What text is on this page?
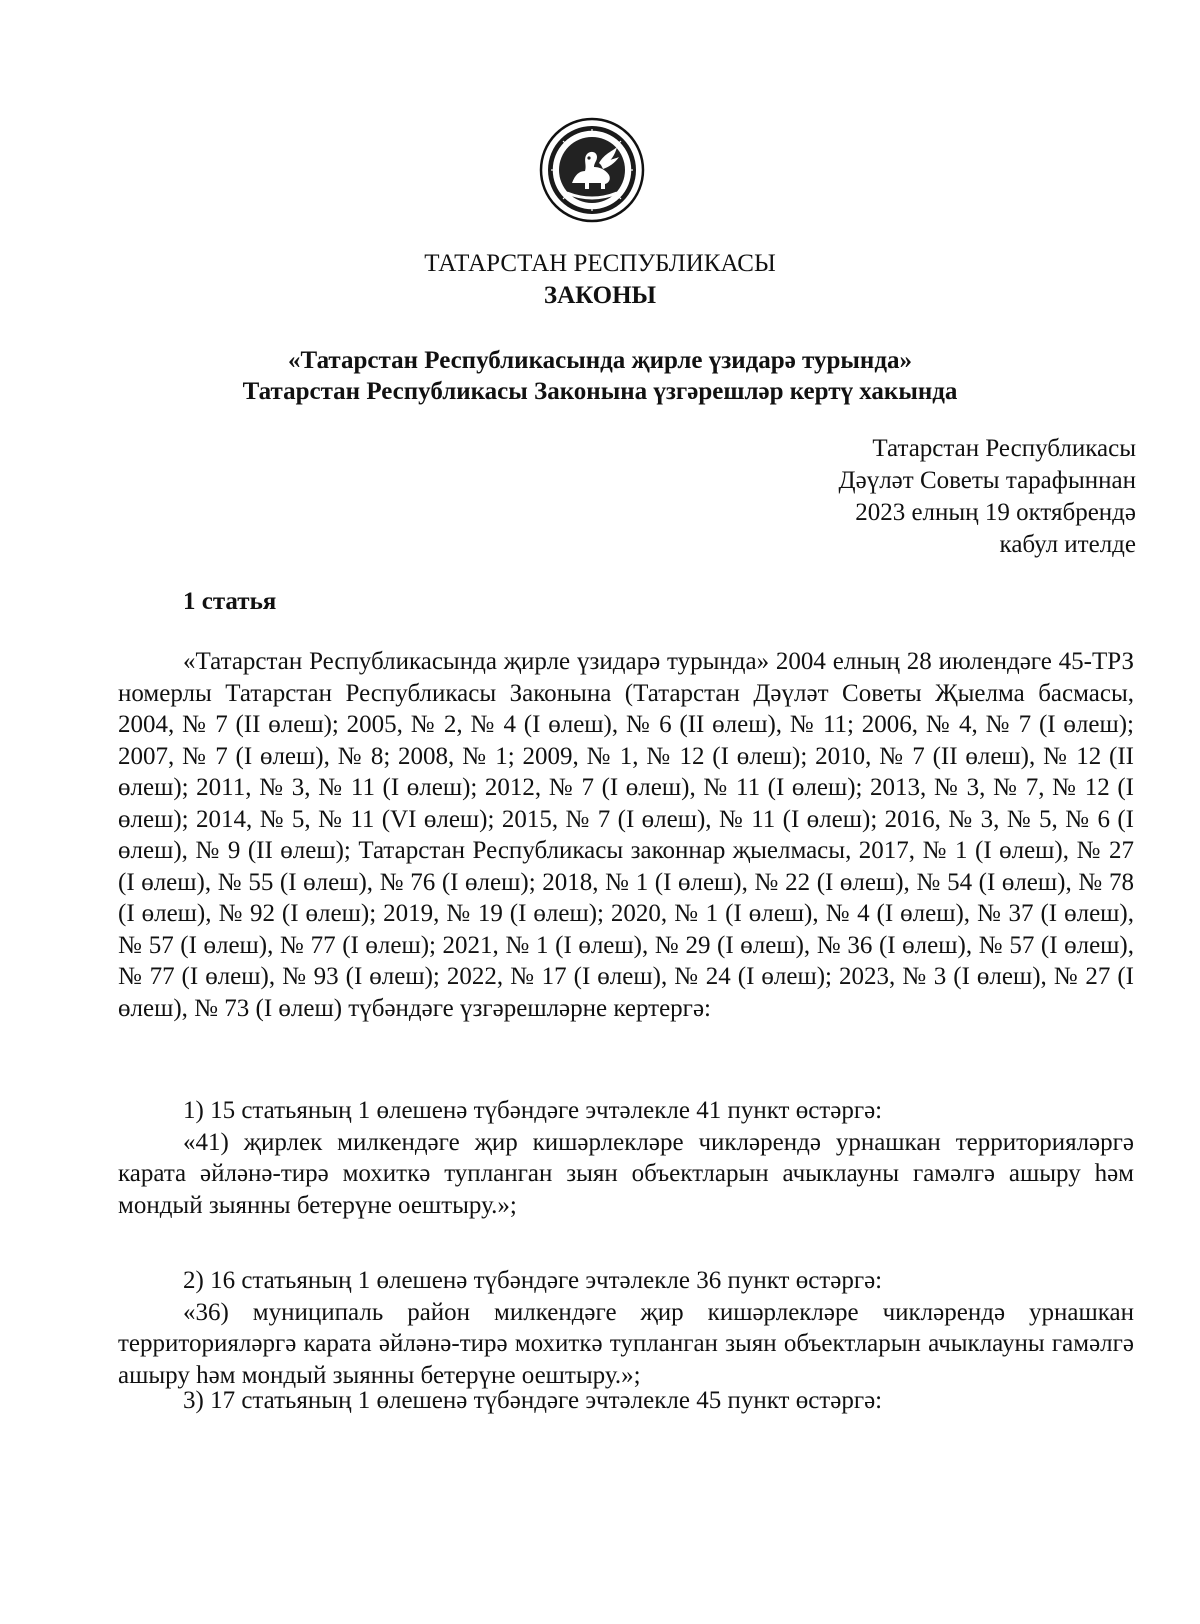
ТАТАРСТАН РЕСПУБЛИКАСЫ
ЗАКОНЫ
«Татарстан Республикасында җирле үзидарә турында»
Татарстан Республикасы Законына үзгәрешләр кертү хакында
Татарстан Республикасы
Дәүләт Советы тарафыннан
2023 елның 19 октябрендә
кабул ителде
1 статья
«Татарстан Республикасында җирле үзидарә турында» 2004 елның 28 июлендәге 45-ТРЗ номерлы Татарстан Республикасы Законына (Татарстан Дәүләт Советы Җыелма басмасы, 2004, № 7 (II өлеш); 2005, № 2, № 4 (I өлеш), № 6 (II өлеш), № 11; 2006, № 4, № 7 (I өлеш); 2007, № 7 (I өлеш), № 8; 2008, № 1; 2009, № 1, № 12 (I өлеш); 2010, № 7 (II өлеш), № 12 (II өлеш); 2011, № 3, № 11 (I өлеш); 2012, № 7 (I өлеш), № 11 (I өлеш); 2013, № 3, № 7, № 12 (I өлеш); 2014, № 5, № 11 (VI өлеш); 2015, № 7 (I өлеш), № 11 (I өлеш); 2016, № 3, № 5, № 6 (I өлеш), № 9 (II өлеш); Татарстан Республикасы законнар җыелмасы, 2017, № 1 (I өлеш), № 27 (I өлеш), № 55 (I өлеш), № 76 (I өлеш); 2018, № 1 (I өлеш), № 22 (I өлеш), № 54 (I өлеш), № 78 (I өлеш), № 92 (I өлеш); 2019, № 19 (I өлеш); 2020, № 1 (I өлеш), № 4 (I өлеш), № 37 (I өлеш), № 57 (I өлеш), № 77 (I өлеш); 2021, № 1 (I өлеш), № 29 (I өлеш), № 36 (I өлеш), № 57 (I өлеш), № 77 (I өлеш), № 93 (I өлеш); 2022, № 17 (I өлеш), № 24 (I өлеш); 2023, № 3 (I өлеш), № 27 (I өлеш), № 73 (I өлеш) түбәндәге үзгәрешләрне кертергә:
1) 15 статьяның 1 өлешенә түбәндәге эчтәлекле 41 пункт өстәргә:
«41) җирлек милкендәге җир кишәрлекләре чикләрендә урнашкан территорияләргә карата әйләнә-тирә мохиткә тупланган зыян объектларын ачыклауны гамәлгә ашыру һәм мондый зыянны бетерүне оештыру.»;
2) 16 статьяның 1 өлешенә түбәндәге эчтәлекле 36 пункт өстәргә:
«36) муниципаль район милкендәге җир кишәрлекләре чикләрендә урнашкан территорияләргә карата әйләнә-тирә мохиткә тупланган зыян объектларын ачыклауны гамәлгә ашыру һәм мондый зыянны бетерүне оештыру.»;
3) 17 статьяның 1 өлешенә түбәндәге эчтәлекле 45 пункт өстәргә:
